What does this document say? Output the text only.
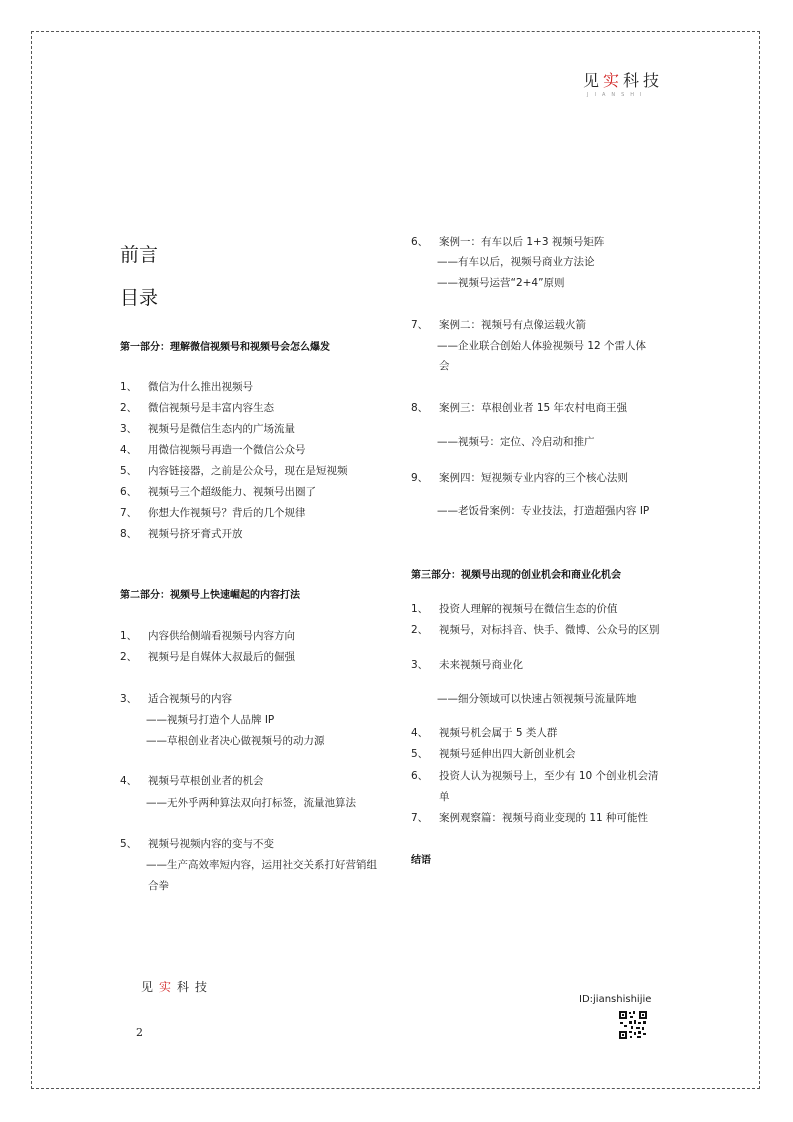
见实科技
JIANSHI
前言
目录
第一部分：理解微信视频号和视频号会怎么爆发
1、 微信为什么推出视频号
2、 微信视频号是丰富内容生态
3、 视频号是微信生态内的广场流量
4、 用微信视频号再造一个微信公众号
5、 内容链接器，之前是公众号，现在是短视频
6、 视频号三个超级能力、视频号出圈了
7、 你想大作视频号？背后的几个规律
8、 视频号挤牙膏式开放
第二部分：视频号上快速崛起的内容打法
1、 内容供给侧端看视频号内容方向
2、 视频号是自媒体大叔最后的倔强
3、 适合视频号的内容
——视频号打造个人品牌 IP
——草根创业者决心做视频号的动力源
4、 视频号草根创业者的机会
——无外乎两种算法双向打标签，流量池算法
5、 视频号视频内容的变与不变
——生产高效率短内容，运用社交关系打好营销组
合拳
6、 案例一：有车以后 1+3 视频号矩阵
——有车以后，视频号商业方法论
——视频号运营“2+4”原则
7、 案例二：视频号有点像运载火箭
——企业联合创始人体验视频号 12 个雷人体
会
8、 案例三：草根创业者 15 年农村电商王强
——视频号：定位、冷启动和推广
9、 案例四：短视频专业内容的三个核心法则
——老饭骨案例：专业技法，打造超强内容 IP
第三部分：视频号出现的创业机会和商业化机会
1、 投资人理解的视频号在微信生态的价值
2、 视频号，对标抖音、快手、微博、公众号的区别
3、 未来视频号商业化
——细分领域可以快速占领视频号流量阵地
4、 视频号机会属于 5 类人群
5、 视频号延伸出四大新创业机会
6、 投资人认为视频号上，至少有 10 个创业机会清
单
7、 案例观察篇：视频号商业变现的 11 种可能性
结语
见实科技
2
ID:jianshishijie
